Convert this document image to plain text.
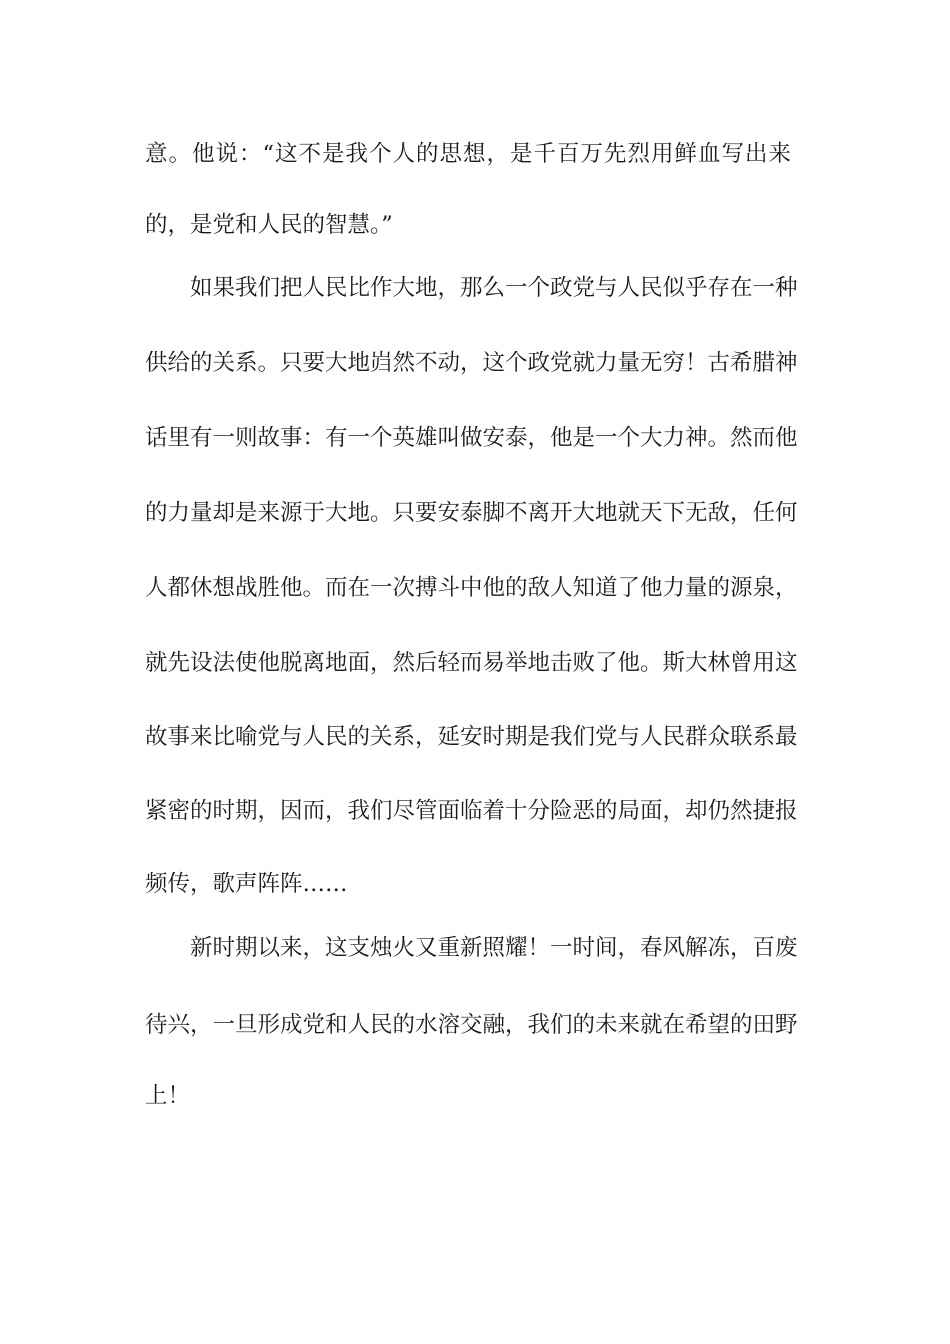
意。他说：“这不是我个人的思想，是千百万先烈用鲜血写出来
的，是党和人民的智慧。”
如果我们把人民比作大地，那么一个政党与人民似乎存在一种
供给的关系。只要大地岿然不动，这个政党就力量无穷！古希腊神
话里有一则故事：有一个英雄叫做安泰，他是一个大力神。然而他
的力量却是来源于大地。只要安泰脚不离开大地就天下无敌，任何
人都休想战胜他。而在一次搏斗中他的敌人知道了他力量的源泉，
就先设法使他脱离地面，然后轻而易举地击败了他。斯大林曾用这
故事来比喻党与人民的关系，延安时期是我们党与人民群众联系最
紧密的时期，因而，我们尽管面临着十分险恶的局面，却仍然捷报
频传，歌声阵阵……
新时期以来，这支烛火又重新照耀！一时间，春风解冻，百废
待兴，一旦形成党和人民的水溶交融，我们的未来就在希望的田野
上！
